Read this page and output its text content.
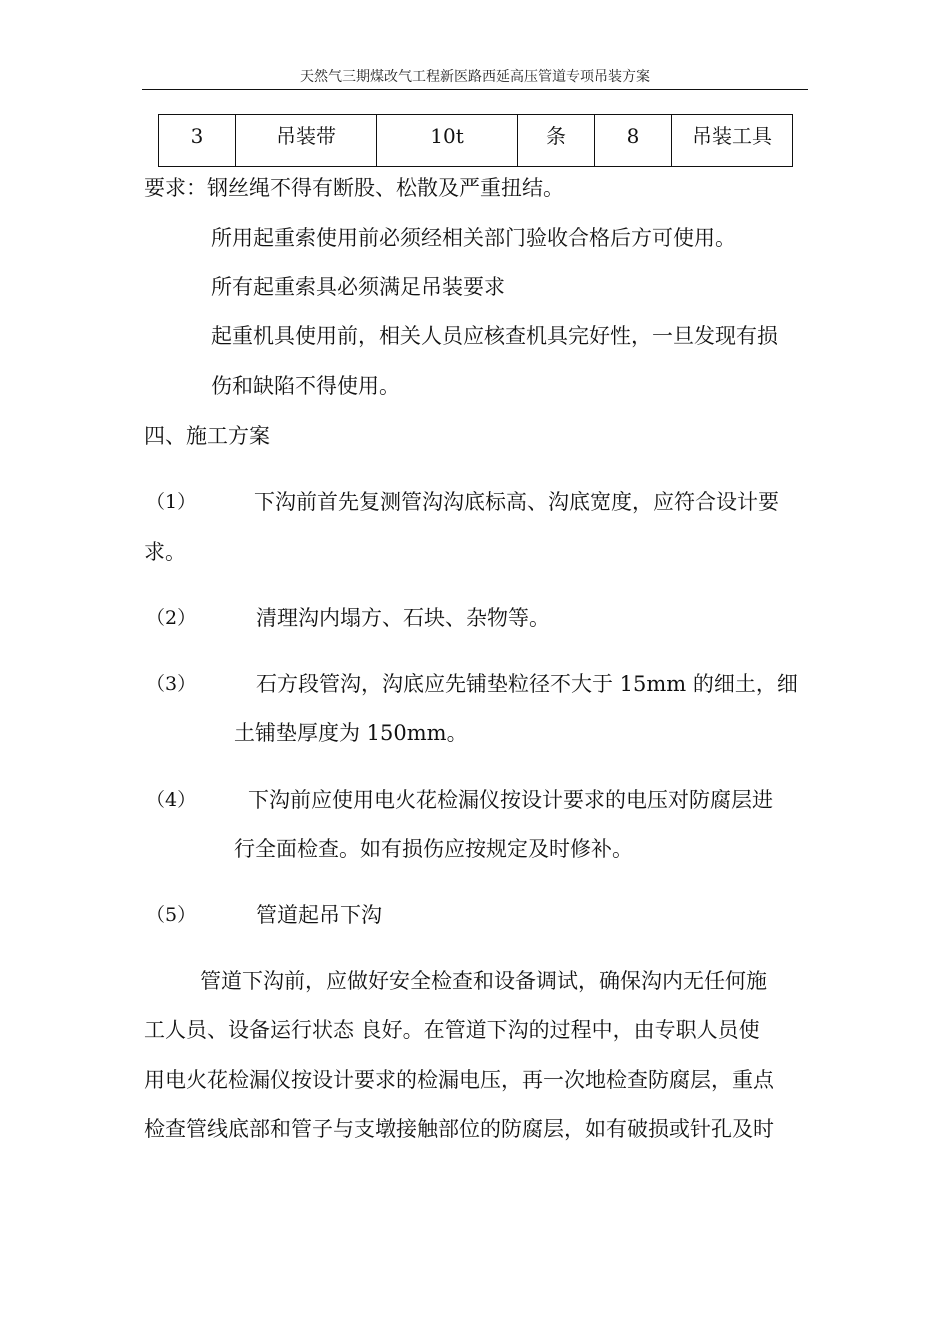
天然气三期煤改气工程新医路西延高压管道专项吊装方案
3	吊装带	10t	条	8	吊装工具
要求：钢丝绳不得有断股、松散及严重扭结。
所用起重索使用前必须经相关部门验收合格后方可使用。
所有起重索具必须满足吊装要求
起重机具使用前，相关人员应核查机具完好性，一旦发现有损
伤和缺陷不得使用。
四、施工方案
（1）	下沟前首先复测管沟沟底标高、沟底宽度，应符合设计要
求。
（2）	清理沟内塌方、石块、杂物等。
（3）	石方段管沟，沟底应先铺垫粒径不大于 15mm 的细土，细
土铺垫厚度为 150mm。
（4） 下沟前应使用电火花检漏仪按设计要求的电压对防腐层进
行全面检查。如有损伤应按规定及时修补。
（5）	管道起吊下沟
管道下沟前，应做好安全检查和设备调试，确保沟内无任何施
工人员、设备运行状态 良好。在管道下沟的过程中，由专职人员使
用电火花检漏仪按设计要求的检漏电压，再一次地检查防腐层，重点
检查管线底部和管子与支墩接触部位的防腐层，如有破损或针孔及时
